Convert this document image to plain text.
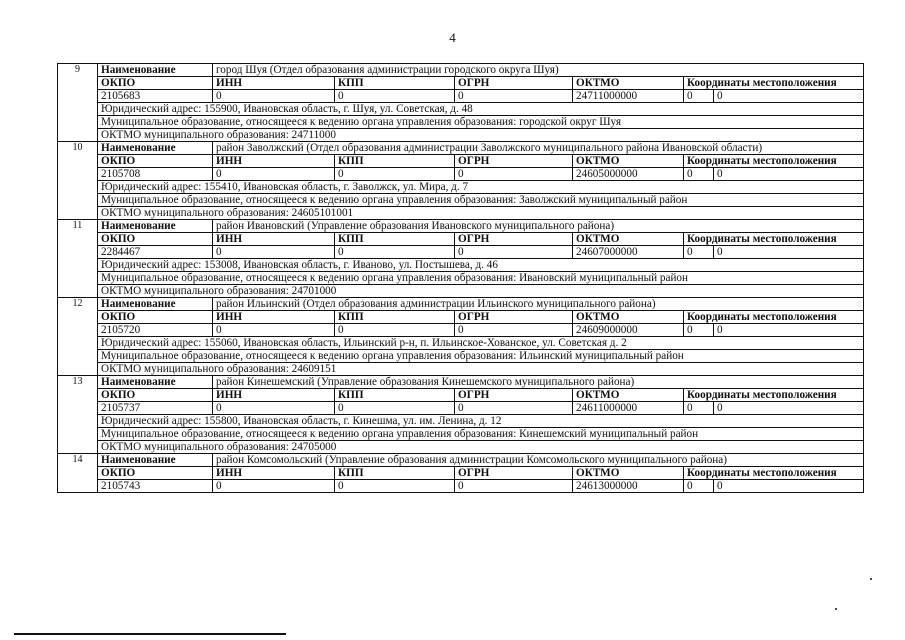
4
9	Наименование	город Шуя (Отдел образования администрации городского округа Шуя)					
	ОКПО	ИНН	КПП	ОГРН	ОКТМО	Координаты местоположения	
	2105683	0	0	0	24711000000	0	0
	Юридический адрес: 155900, Ивановская область, г. Шуя, ул. Советская, д. 48						
	Муниципальное образование, относящееся к ведению органа управления образования: городской округ Шуя						
	ОКТМО муниципального образования: 24711000						
10	Наименование	район Заволжский (Отдел образования администрации Заволжского муниципального района Ивановской области)					
	ОКПО	ИНН	КПП	ОГРН	ОКТМО	Координаты местоположения	
	2105708	0	0	0	24605000000	0	0
	Юридический адрес: 155410, Ивановская область, г. Заволжск, ул. Мира, д. 7						
	Муниципальное образование, относящееся к ведению органа управления образования: Заволжский муниципальный район						
	ОКТМО муниципального образования: 24605101001						
11	Наименование	район Ивановский (Управление образования Ивановского муниципального района)					
	ОКПО	ИНН	КПП	ОГРН	ОКТМО	Координаты местоположения	
	2284467	0	0	0	24607000000	0	0
	Юридический адрес: 153008, Ивановская область, г. Иваново, ул. Постышева, д. 46						
	Муниципальное образование, относящееся к ведению органа управления образования: Ивановский муниципальный район						
	ОКТМО муниципального образования: 24701000						
12	Наименование	район Ильинский (Отдел образования администрации Ильинского муниципального района)					
	ОКПО	ИНН	КПП	ОГРН	ОКТМО	Координаты местоположения	
	2105720	0	0	0	24609000000	0	0
	Юридический адрес: 155060, Ивановская область, Ильинский р-н, п. Ильинское-Хованское, ул. Советская д. 2						
	Муниципальное образование, относящееся к ведению органа управления образования: Ильинский муниципальный район						
	ОКТМО муниципального образования: 24609151						
13	Наименование	район Кинешемский (Управление образования Кинешемского муниципального района)					
	ОКПО	ИНН	КПП	ОГРН	ОКТМО	Координаты местоположения	
	2105737	0	0	0	24611000000	0	0
	Юридический адрес: 155800, Ивановская область, г. Кинешма, ул. им. Ленина, д. 12						
	Муниципальное образование, относящееся к ведению органа управления образования: Кинешемский муниципальный район						
	ОКТМО муниципального образования: 24705000						
14	Наименование	район Комсомольский (Управление образования администрации Комсомольского муниципального района)					
	ОКПО	ИНН	КПП	ОГРН	ОКТМО	Координаты местоположения	
	2105743	0	0	0	24613000000	0	0
